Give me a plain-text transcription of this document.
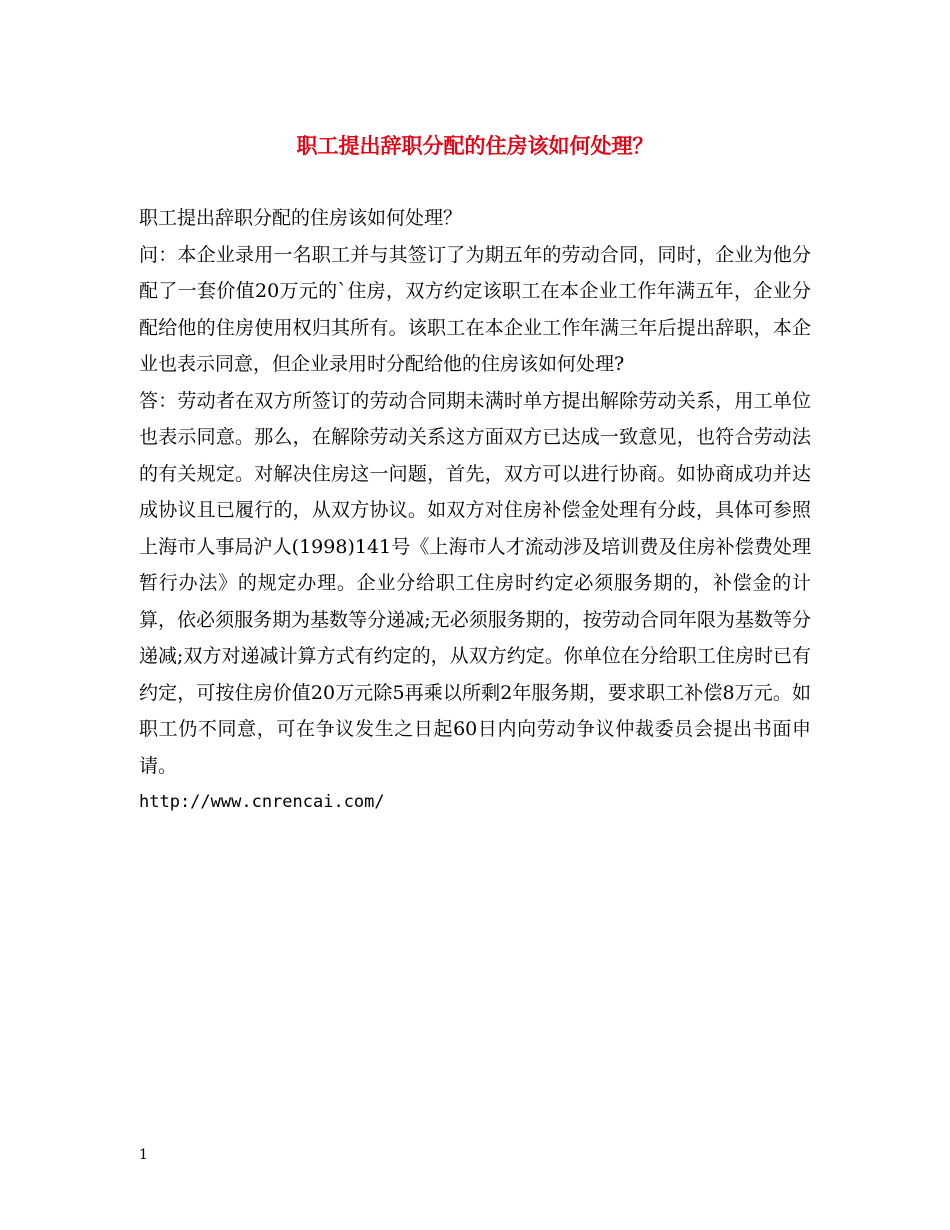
职工提出辞职分配的住房该如何处理？

职工提出辞职分配的住房该如何处理？

问：本企业录用一名职工并与其签订了为期五年的劳动合同，同时，企业为他分配了一套价值20万元的`住房，双方约定该职工在本企业工作年满五年，企业分配给他的住房使用权归其所有。该职工在本企业工作年满三年后提出辞职，本企业也表示同意，但企业录用时分配给他的住房该如何处理?

答：劳动者在双方所签订的劳动合同期未满时单方提出解除劳动关系，用工单位也表示同意。那么，在解除劳动关系这方面双方已达成一致意见，也符合劳动法的有关规定。对解决住房这一问题，首先，双方可以进行协商。如协商成功并达成协议且已履行的，从双方协议。如双方对住房补偿金处理有分歧，具体可参照上海市人事局沪人(1998)141号《上海市人才流动涉及培训费及住房补偿费处理暂行办法》的规定办理。企业分给职工住房时约定必须服务期的，补偿金的计算，依必须服务期为基数等分递减;无必须服务期的，按劳动合同年限为基数等分递减;双方对递减计算方式有约定的，从双方约定。你单位在分给职工住房时已有约定，可按住房价值20万元除5再乘以所剩2年服务期，要求职工补偿8万元。如职工仍不同意，可在争议发生之日起60日内向劳动争议仲裁委员会提出书面申请。

http://www.cnrencai.com/

1
